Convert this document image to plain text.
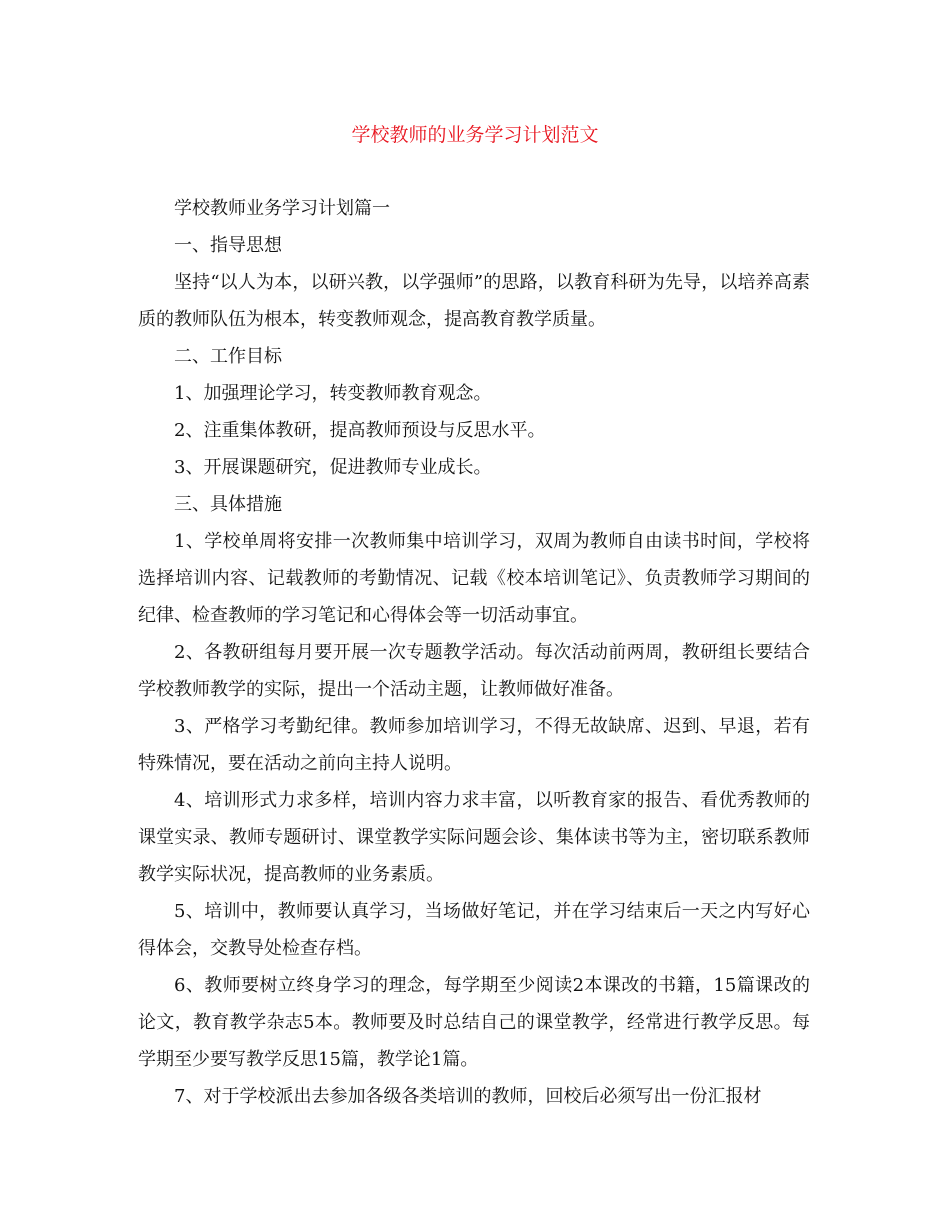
学校教师的业务学习计划范文

学校教师业务学习计划篇一

一、指导思想

坚持“以人为本，以研兴教，以学强师”的思路，以教育科研为先导，以培养高素质的教师队伍为根本，转变教师观念，提高教育教学质量。

二、工作目标

1、加强理论学习，转变教师教育观念。

2、注重集体教研，提高教师预设与反思水平。

3、开展课题研究，促进教师专业成长。

三、具体措施

1、学校单周将安排一次教师集中培训学习，双周为教师自由读书时间，学校将选择培训内容、记载教师的考勤情况、记载《校本培训笔记》、负责教师学习期间的纪律、检查教师的学习笔记和心得体会等一切活动事宜。

2、各教研组每月要开展一次专题教学活动。每次活动前两周，教研组长要结合学校教师教学的实际，提出一个活动主题，让教师做好准备。

3、严格学习考勤纪律。教师参加培训学习，不得无故缺席、迟到、早退，若有特殊情况，要在活动之前向主持人说明。

4、培训形式力求多样，培训内容力求丰富，以听教育家的报告、看优秀教师的课堂实录、教师专题研讨、课堂教学实际问题会诊、集体读书等为主，密切联系教师教学实际状况，提高教师的业务素质。

5、培训中，教师要认真学习，当场做好笔记，并在学习结束后一天之内写好心得体会，交教导处检查存档。

6、教师要树立终身学习的理念，每学期至少阅读2本课改的书籍，15篇课改的论文，教育教学杂志5本。教师要及时总结自己的课堂教学，经常进行教学反思。每学期至少要写教学反思15篇，教学论1篇。

7、对于学校派出去参加各级各类培训的教师，回校后必须写出一份汇报材
